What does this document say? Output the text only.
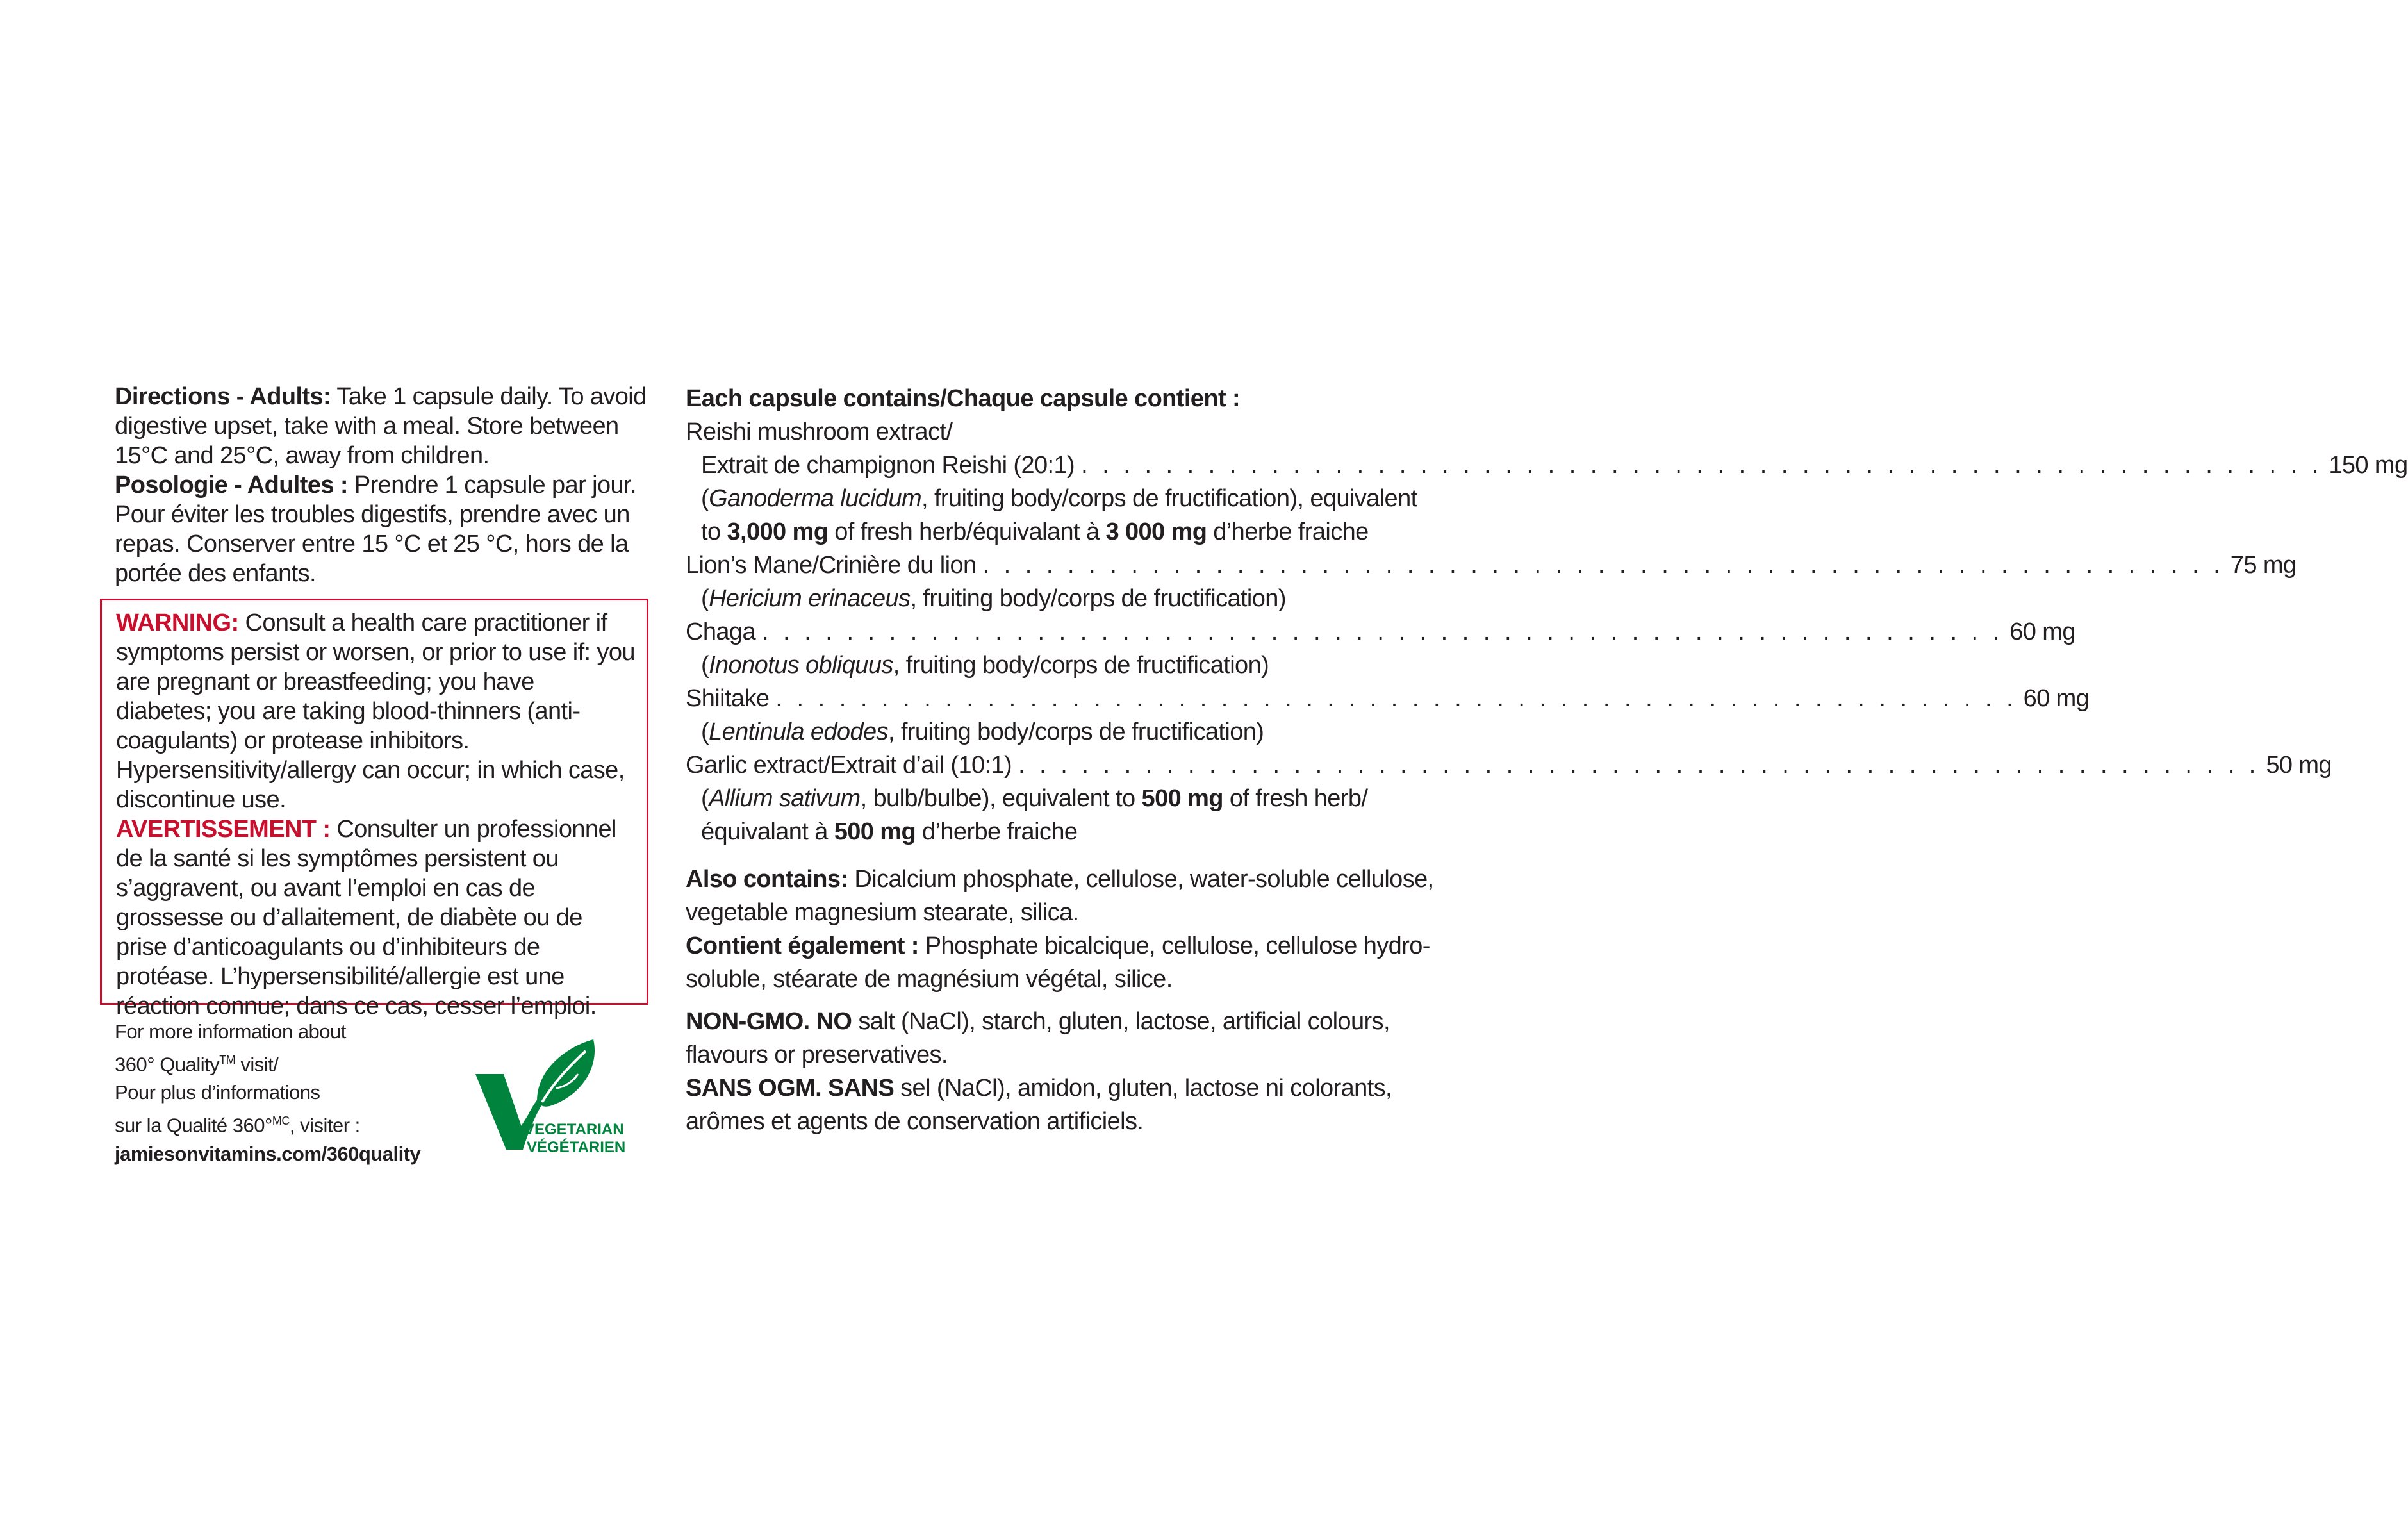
Directions - Adults: Take 1 capsule daily. To avoid digestive upset, take with a meal. Store between 15°C and 25°C, away from children.

Posologie - Adultes : Prendre 1 capsule par jour. Pour éviter les troubles digestifs, prendre avec un repas. Conserver entre 15 °C et 25 °C, hors de la portée des enfants.

WARNING: Consult a health care practitioner if symptoms persist or worsen, or prior to use if: you are pregnant or breastfeeding; you have diabetes; you are taking blood-thinners (anti-coagulants) or protease inhibitors. Hypersensitivity/allergy can occur; in which case, discontinue use.

AVERTISSEMENT : Consulter un professionnel de la santé si les symptômes persistent ou s’aggravent, ou avant l’emploi en cas de grossesse ou d’allaitement, de diabète ou de prise d’anticoagulants ou d’inhibiteurs de protéase. L’hypersensibilité/allergie est une réaction connue; dans ce cas, cesser l’emploi.

For more information about

360° Quality™ visit/

Pour plus d’informations

sur la Qualité 360°$^{MC}$, visiter :

jamiesonvitamins.com/360quality

VEGETARIAN
VÉGÉTARIEN

Each capsule contains/Chaque capsule contient :

Reishi mushroom extract/

Extrait de champignon Reishi (20:1) . . . . . . . . . . . . . . . . . . . . . . . . . . . . . . . . . . . . . . . . . . . . . . . . . . . . . . . . . . . 150 mg

(Ganoderma lucidum, fruiting body/corps de fructification), equivalent

to 3,000 mg of fresh herb/équivalant à 3 000 mg d’herbe fraiche

Lion’s Mane/Crinière du lion . . . . . . . . . . . . . . . . . . . . . . . . . . . . . . . . . . . . . . . . . . . . . . . . . . . . . . . . . . . 75 mg

(Hericium erinaceus, fruiting body/corps de fructification)

Chaga . . . . . . . . . . . . . . . . . . . . . . . . . . . . . . . . . . . . . . . . . . . . . . . . . . . . . . . . . . . 60 mg

(Inonotus obliquus, fruiting body/corps de fructification)

Shiitake . . . . . . . . . . . . . . . . . . . . . . . . . . . . . . . . . . . . . . . . . . . . . . . . . . . . . . . . . . . 60 mg

(Lentinula edodes, fruiting body/corps de fructification)

Garlic extract/Extrait d’ail (10:1) . . . . . . . . . . . . . . . . . . . . . . . . . . . . . . . . . . . . . . . . . . . . . . . . . . . . . . . . . . . 50 mg

(Allium sativum, bulb/bulbe), equivalent to 500 mg of fresh herb/

équivalant à 500 mg d’herbe fraiche

Also contains: Dicalcium phosphate, cellulose, water-soluble cellulose, vegetable magnesium stearate, silica.

Contient également : Phosphate bicalcique, cellulose, cellulose hydro-soluble, stéarate de magnésium végétal, silice.

NON-GMO. NO salt (NaCl), starch, gluten, lactose, artificial colours, flavours or preservatives.

SANS OGM. SANS sel (NaCl), amidon, gluten, lactose ni colorants, arômes et agents de conservation artificiels.
